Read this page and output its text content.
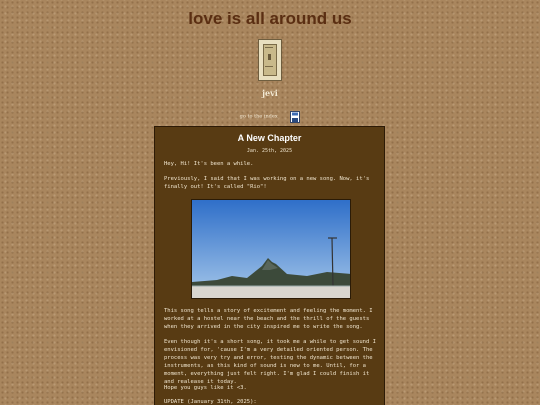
love is all around us
jevi
go to the index
A New Chapter
Jan. 25th, 2025

Hey, Hi! It's been a while.

Previously, I said that I was working on a new song. Now, it's finally out! It's called "Rio"!

This song tells a story of excitement and feeling the moment. I worked at a hostel near the beach and the thrill of the guests when they arrived in the city inspired me to write the song.

Even though it's a short song, it took me a while to get sound I envisioned for, 'cause I'm a very detailed oriented person. The process was very try and error, testing the dynamic between the instruments, as this kind of sound is new to me. Until, for a moment, everything just felt right. I'm glad I could finish it and realease it today.

Hope you guys like it <3.

UPDATE (January 31th, 2025):
